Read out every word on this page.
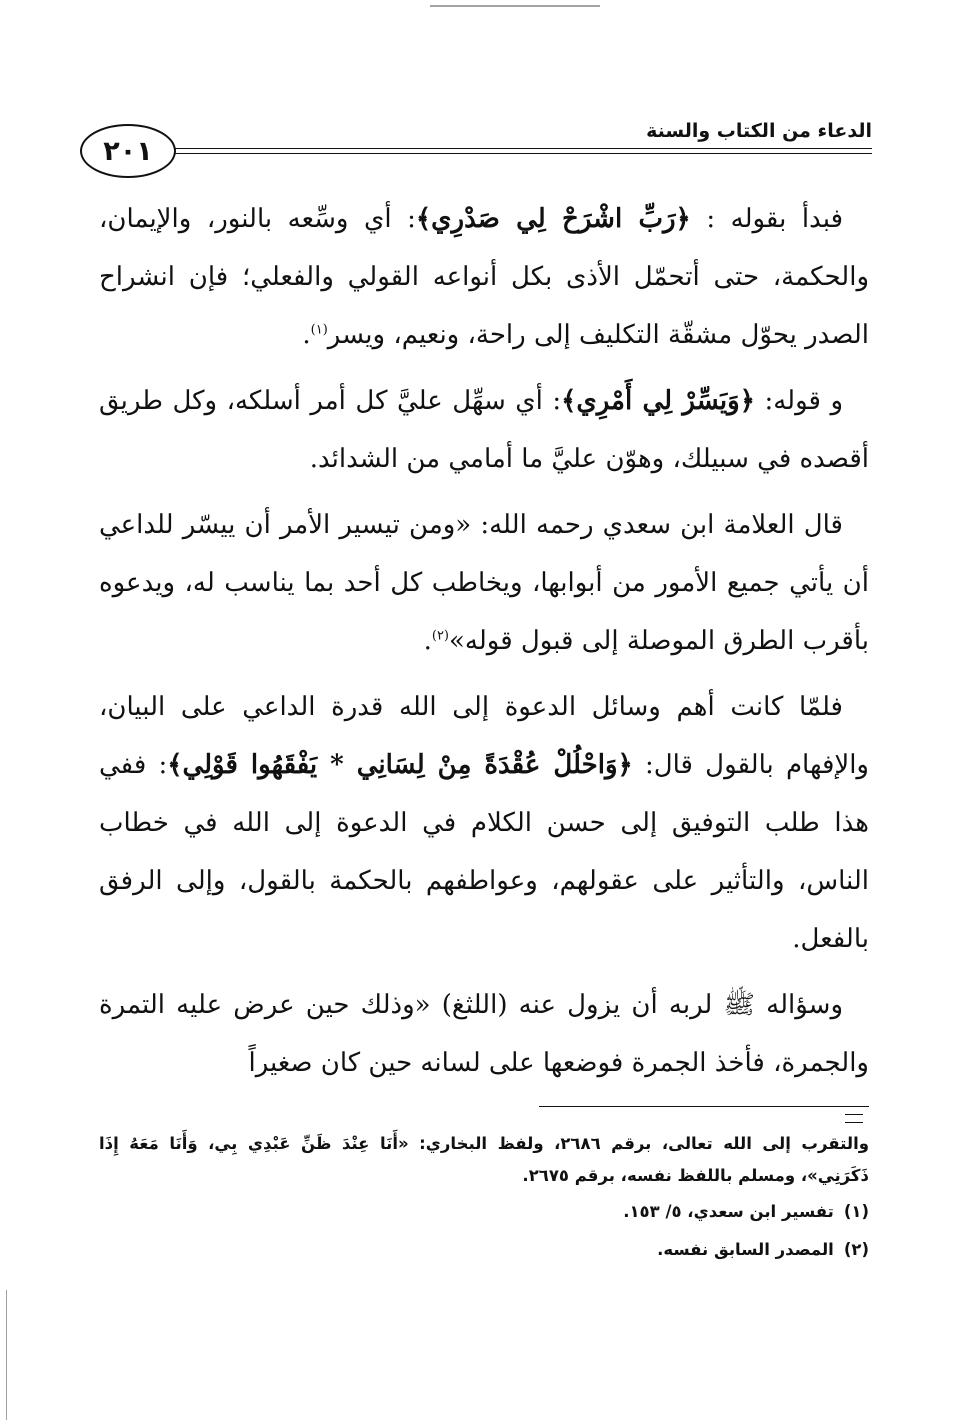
الدعاء من الكتاب والسنة
٢٠١

فبدأ بقوله : ﴿رَبِّ اشْرَحْ لِي صَدْرِي﴾: أي وسِّعه بالنور، والإيمان، والحكمة، حتى أتحمّل الأذى بكل أنواعه القولي والفعلي؛ فإن انشراح الصدر يحوّل مشقّة التكليف إلى راحة، ونعيم، ويسر$^{(١)}$.

و قوله: ﴿وَيَسِّرْ لِي أَمْرِي﴾: أي سهِّل عليَّ كل أمر أسلكه، وكل طريق أقصده في سبيلك، وهوّن عليَّ ما أمامي من الشدائد.

قال العلامة ابن سعدي رحمه الله: «ومن تيسير الأمر أن ييسّر للداعي أن يأتي جميع الأمور من أبوابها، ويخاطب كل أحد بما يناسب له، ويدعوه بأقرب الطرق الموصلة إلى قبول قوله»$^{(٢)}$.

فلمّا كانت أهم وسائل الدعوة إلى الله قدرة الداعي على البيان، والإفهام بالقول قال: ﴿وَاحْلُلْ عُقْدَةً مِنْ لِسَانِي * يَفْقَهُوا قَوْلِي﴾: ففي هذا طلب التوفيق إلى حسن الكلام في الدعوة إلى الله في خطاب الناس، والتأثير على عقولهم، وعواطفهم بالحكمة بالقول، وإلى الرفق بالفعل.

وسؤاله ﷺ لربه أن يزول عنه (اللثغ) «وذلك حين عرض عليه التمرة والجمرة، فأخذ الجمرة فوضعها على لسانه حين كان صغيراً

والتقرب إلى الله تعالى، برقم ٢٦٨٦، ولفظ البخاري: «أَنَا عِنْدَ ظَنِّ عَبْدِي بِي، وَأَنَا مَعَهُ إِذَا ذَكَرَنِي»، ومسلم باللفظ نفسه، برقم ٢٦٧٥.

(١)تفسير ابن سعدي، ٥/ ١٥٣.

(٢)المصدر السابق نفسه.
